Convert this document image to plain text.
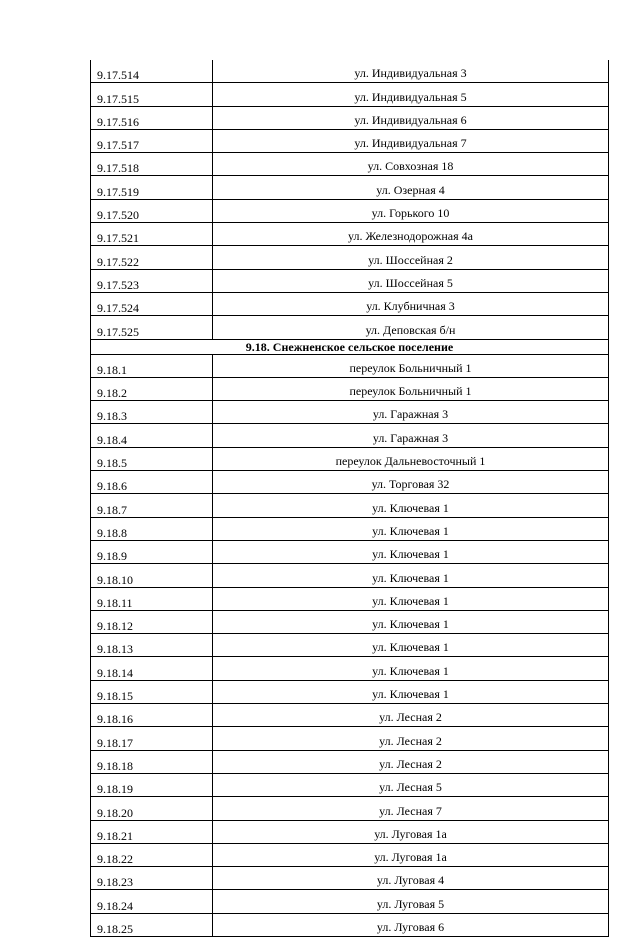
9.17.514	ул. Индивидуальная 3
9.17.515	ул. Индивидуальная 5
9.17.516	ул. Индивидуальная 6
9.17.517	ул. Индивидуальная 7
9.17.518	ул. Совхозная 18
9.17.519	ул. Озерная 4
9.17.520	ул. Горького 10
9.17.521	ул. Железнодорожная 4а
9.17.522	ул. Шоссейная 2
9.17.523	ул. Шоссейная 5
9.17.524	ул. Клубничная 3
9.17.525	ул. Деповская б/н
9.18. Снежненское сельское поселение	
9.18.1	переулок Больничный 1
9.18.2	переулок Больничный 1
9.18.3	ул. Гаражная 3
9.18.4	ул. Гаражная 3
9.18.5	переулок Дальневосточный 1
9.18.6	ул. Торговая 32
9.18.7	ул. Ключевая 1
9.18.8	ул. Ключевая 1
9.18.9	ул. Ключевая 1
9.18.10	ул. Ключевая 1
9.18.11	ул. Ключевая 1
9.18.12	ул. Ключевая 1
9.18.13	ул. Ключевая 1
9.18.14	ул. Ключевая 1
9.18.15	ул. Ключевая 1
9.18.16	ул. Лесная 2
9.18.17	ул. Лесная 2
9.18.18	ул. Лесная 2
9.18.19	ул. Лесная 5
9.18.20	ул. Лесная 7
9.18.21	ул. Луговая 1а
9.18.22	ул. Луговая 1а
9.18.23	ул. Луговая 4
9.18.24	ул. Луговая 5
9.18.25	ул. Луговая 6
